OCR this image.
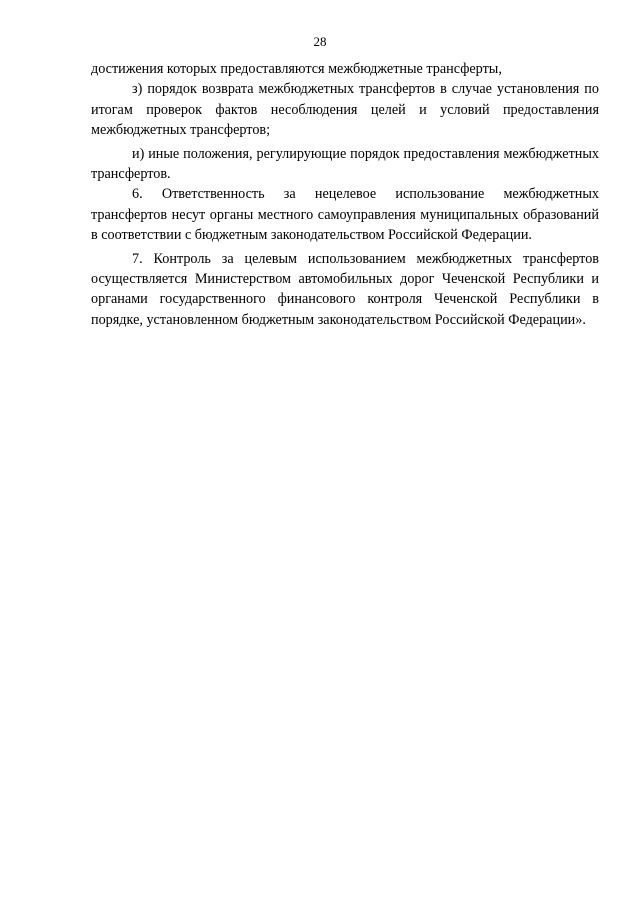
28

достижения которых предоставляются межбюджетные трансферты,

з) порядок возврата межбюджетных трансфертов в случае установления по итогам проверок фактов несоблюдения целей и условий предоставления межбюджетных трансфертов;

и) иные положения, регулирующие порядок предоставления межбюджетных трансфертов.

6. Ответственность за нецелевое использование межбюджетных трансфертов несут органы местного самоуправления муниципальных образований в соответствии с бюджетным законодательством Российской Федерации.

7. Контроль за целевым использованием межбюджетных трансфертов осуществляется Министерством автомобильных дорог Чеченской Республики и органами государственного финансового контроля Чеченской Республики в порядке, установленном бюджетным законодательством Российской Федерации».
